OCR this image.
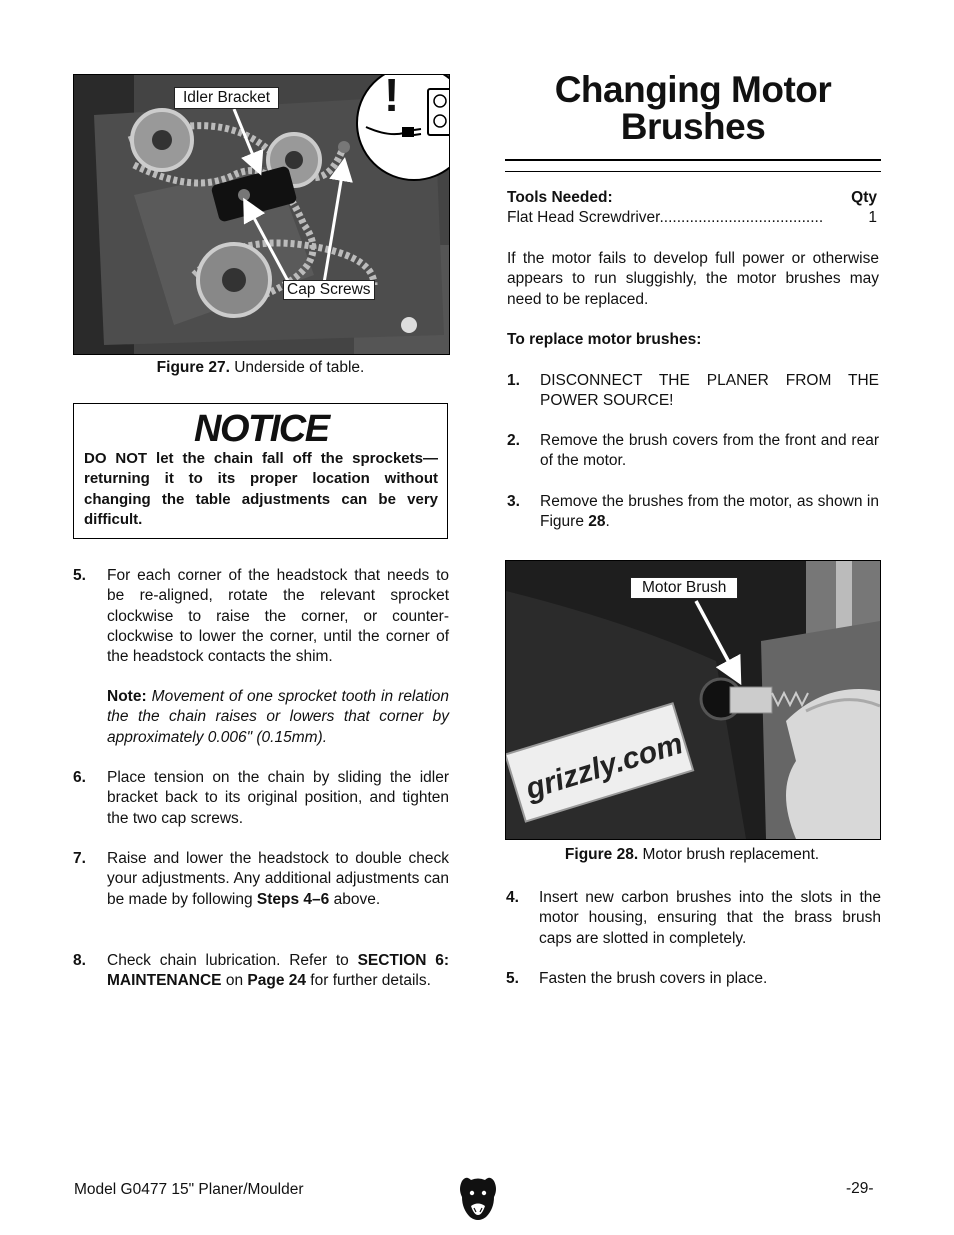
!
Idler Bracket
Cap Screws
Figure 27. Underside of table.
NOTICE
DO NOT let the chain fall off the sprockets—returning it to its proper location without changing the table adjustments can be very difficult.
5. For each corner of the headstock that needs to be re-aligned, rotate the relevant sprocket clockwise to raise the corner, or counter-clockwise to lower the corner, until the corner of the headstock contacts the shim.
Note: Movement of one sprocket tooth in relation the the chain raises or lowers that corner by approximately 0.006" (0.15mm).
6. Place tension on the chain by sliding the idler bracket back to its original position, and tighten the two cap screws.
7. Raise and lower the headstock to double check your adjustments. Any additional adjustments can be made by following Steps 4–6 above.
8. Check chain lubrication. Refer to SECTION 6: MAINTENANCE on Page 24 for further details.
Changing Motor
Brushes
Tools Needed:	Qty
Flat Head Screwdriver......................................	1
If the motor fails to develop full power or otherwise appears to run sluggishly, the motor brushes may need to be replaced.
To replace motor brushes:
1. DISCONNECT THE PLANER FROM THE POWER SOURCE!
2. Remove the brush covers from the front and rear of the motor.
3. Remove the brushes from the motor, as shown in Figure 28.
grizzly.com
Motor Brush
Figure 28. Motor brush replacement.
4. Insert new carbon brushes into the slots in the motor housing, ensuring that the brass brush caps are slotted in completely.
5. Fasten the brush covers in place.
Model G0477 15" Planer/Moulder	-29-
